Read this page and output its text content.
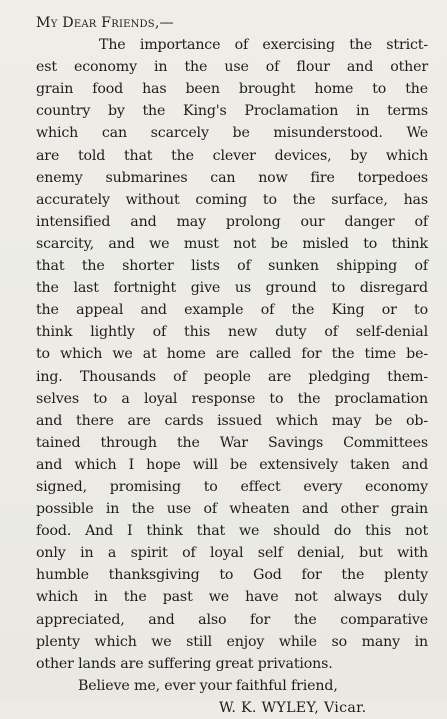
My Dear Friends,—
The importance of exercising the strict-
est economy in the use of flour and other
grain food has been brought home to the
country by the King's Proclamation in terms
which can scarcely be misunderstood. We
are told that the clever devices, by which
enemy submarines can now fire torpedoes
accurately without coming to the surface, has
intensified and may prolong our danger of
scarcity, and we must not be misled to think
that the shorter lists of sunken shipping of
the last fortnight give us ground to disregard
the appeal and example of the King or to
think lightly of this new duty of self-denial
to which we at home are called for the time be-
ing. Thousands of people are pledging them-
selves to a loyal response to the proclamation
and there are cards issued which may be ob-
tained through the War Savings Committees
and which I hope will be extensively taken and
signed, promising to effect every economy
possible in the use of wheaten and other grain
food. And I think that we should do this not
only in a spirit of loyal self denial, but with
humble thanksgiving to God for the plenty
which in the past we have not always duly
appreciated, and also for the comparative
plenty which we still enjoy while so many in
other lands are suffering great privations.
Believe me, ever your faithful friend,
W. K. WYLEY, Vicar.
